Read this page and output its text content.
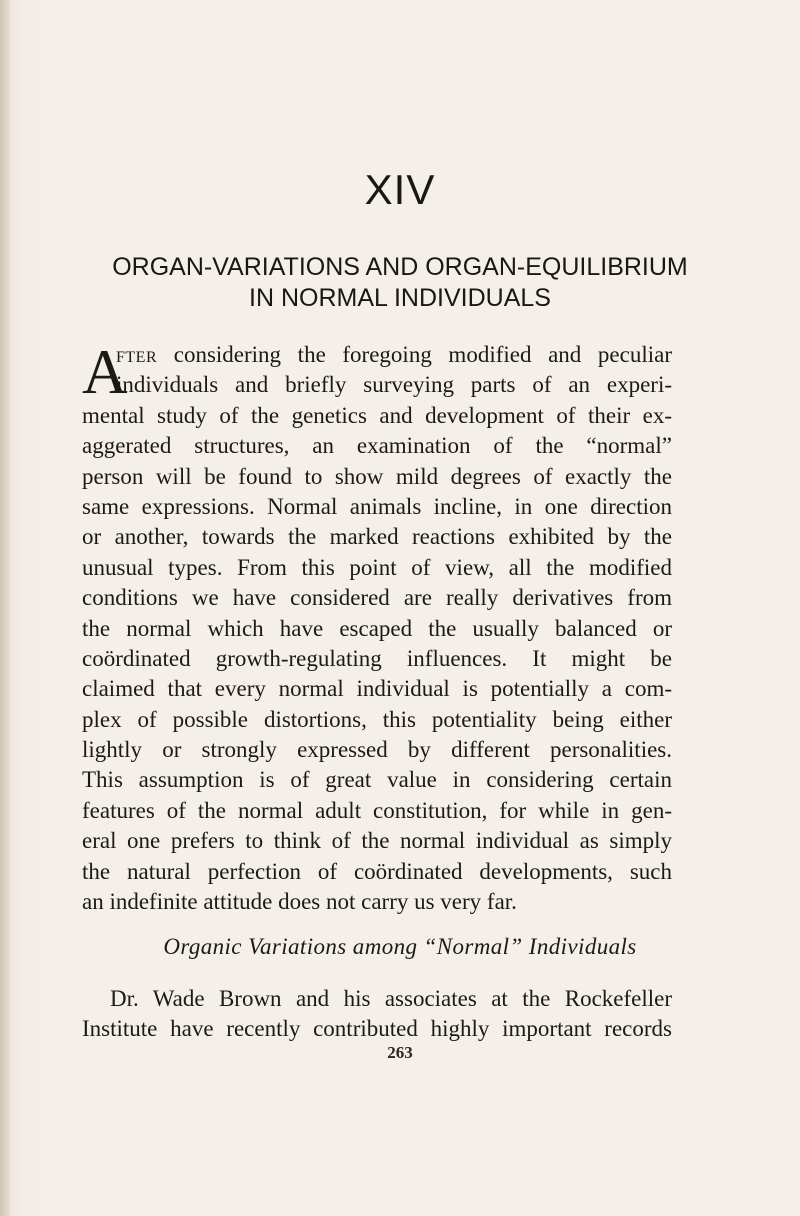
XIV
ORGAN-VARIATIONS AND ORGAN-EQUILIBRIUM
IN NORMAL INDIVIDUALS
A
fter considering the foregoing modified and peculiar
individuals and briefly surveying parts of an experi-
mental study of the genetics and development of their ex-
aggerated structures, an examination of the “normal”
person will be found to show mild degrees of exactly the
same expressions. Normal animals incline, in one direction
or another, towards the marked reactions exhibited by the
unusual types. From this point of view, all the modified
conditions we have considered are really derivatives from
the normal which have escaped the usually balanced or
coördinated growth-regulating influences. It might be
claimed that every normal individual is potentially a com-
plex of possible distortions, this potentiality being either
lightly or strongly expressed by different personalities.
This assumption is of great value in considering certain
features of the normal adult constitution, for while in gen-
eral one prefers to think of the normal individual as simply
the natural perfection of coördinated developments, such
an indefinite attitude does not carry us very far.
Organic Variations among “Normal” Individuals
Dr. Wade Brown and his associates at the Rockefeller
Institute have recently contributed highly important records
263
